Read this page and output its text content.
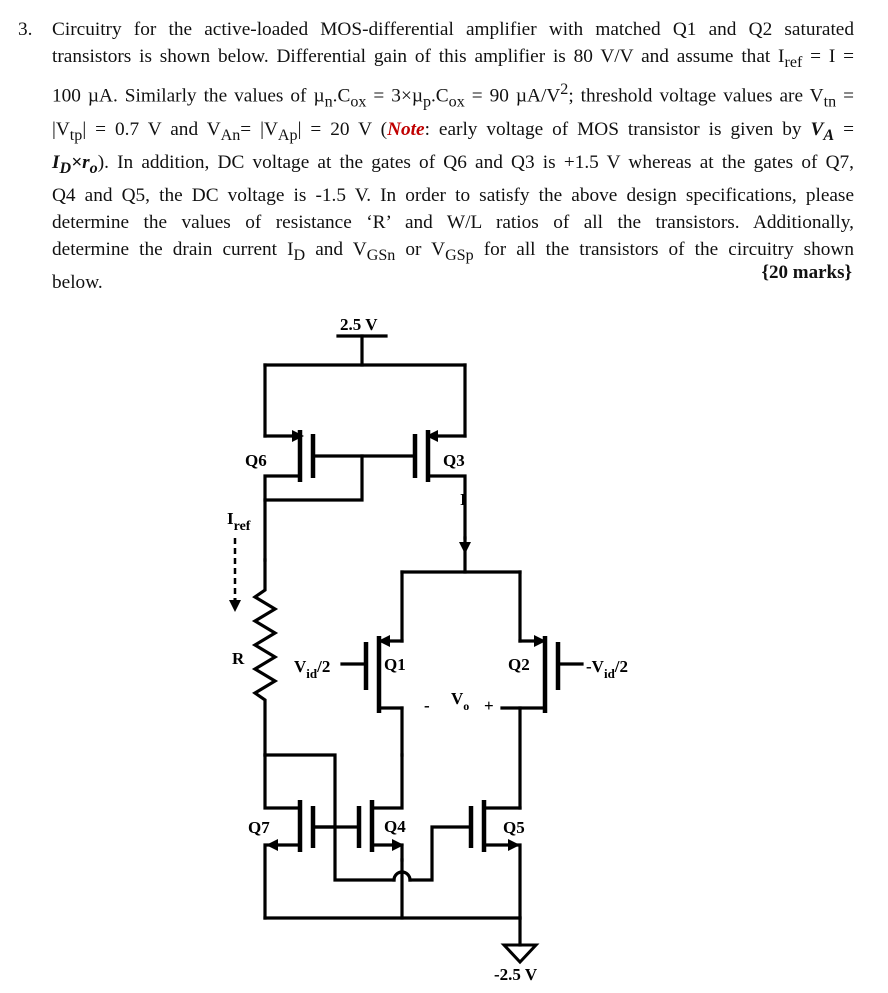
3. Circuitry for the active-loaded MOS-differential amplifier with matched Q1 and Q2 saturated
transistors is shown below. Differential gain of this amplifier is 80 V/V and assume that $I_{ref} = I$ =
100 µA. Similarly the values of $\mu_n.C_{ox} = 3\times\mu_p.C_{ox} = 90$ $\mu A/V^2$; threshold voltage values are $V_{tn}$ =
$|V_{tp}| = 0.7$ V and $V_{An}= |V_{Ap}| = 20$ V (Note: early voltage of MOS transistor is given by $V_A$ =
$I_D\times r_o$). In addition, DC voltage at the gates of Q6 and Q3 is +1.5 V whereas at the gates of Q7,
Q4 and Q5, the DC voltage is -1.5 V. In order to satisfy the above design specifications, please
determine the values of resistance ‘R’ and W/L ratios of all the transistors. Additionally,
determine the drain current $I_D$ and $V_{GSn}$ or $V_{GSp}$ for all the transistors of the circuitry shown
below.	{20 marks}
2.5 V
Q6	Q3
$I_{ref}$
R
I
Q1
$V_{id}/2$	Q2	$-V_{id}/2$
- $V_o$ +
Q7	Q4	Q5
-2.5 V
